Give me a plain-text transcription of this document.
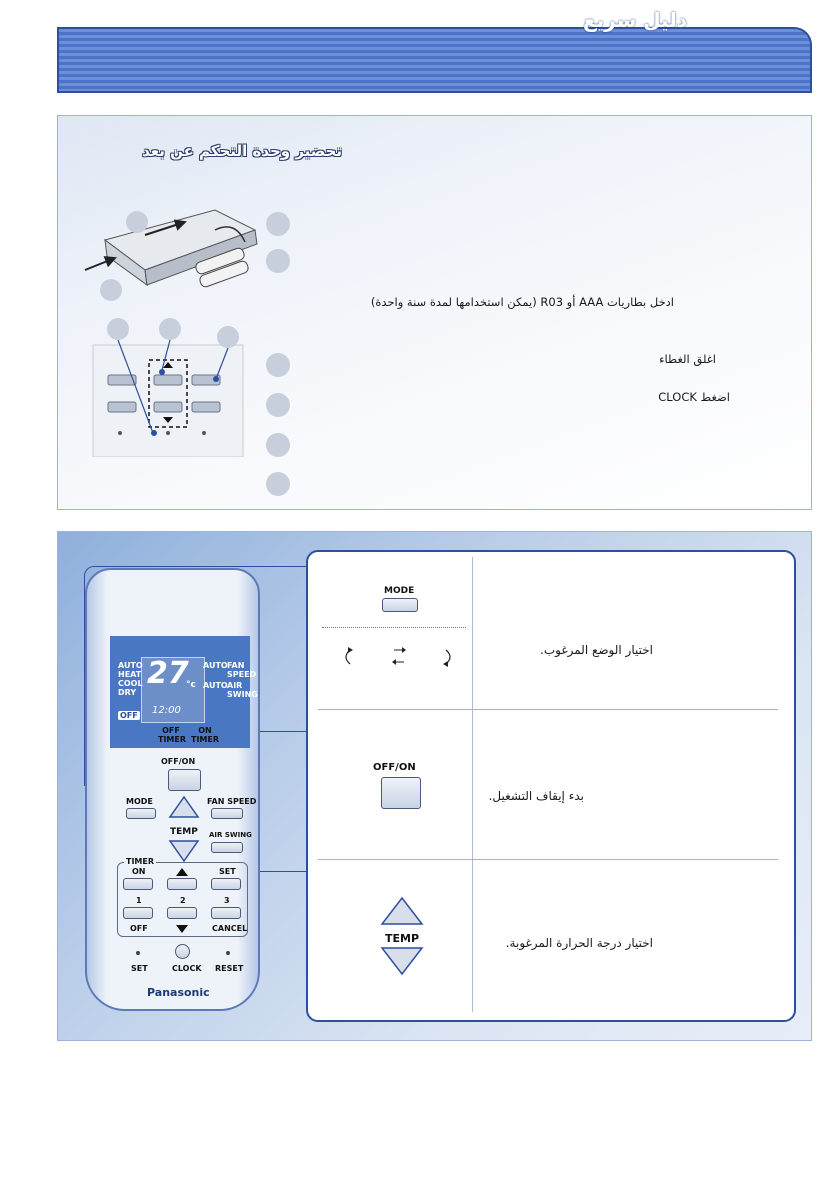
دليل سريع
تحضير وحدة التحكم عن بعد
ادخل بطاريات AAA أو R03 (يمكن استخدامها لمدة سنة واحدة)
اغلق الغطاء
اضغط CLOCK
AUTO
HEAT
COOL
DRY
OFF
27
°c
12:00
AUTO
AUTO
FAN SPEED
AIR SWING
OFF TIMER
ON TIMER
OFF/ON
MODE	FAN SPEED
TEMP AIR SWING
TIMER
ON	SET
1	2	3
OFF	CANCEL
SET	CLOCK RESET
Panasonic
MODE
اختيار الوضع المرغوب.
OFF/ON
بدء إيقاف التشغيل.
TEMP	اختيار درجة الحرارة المرغوبة.
